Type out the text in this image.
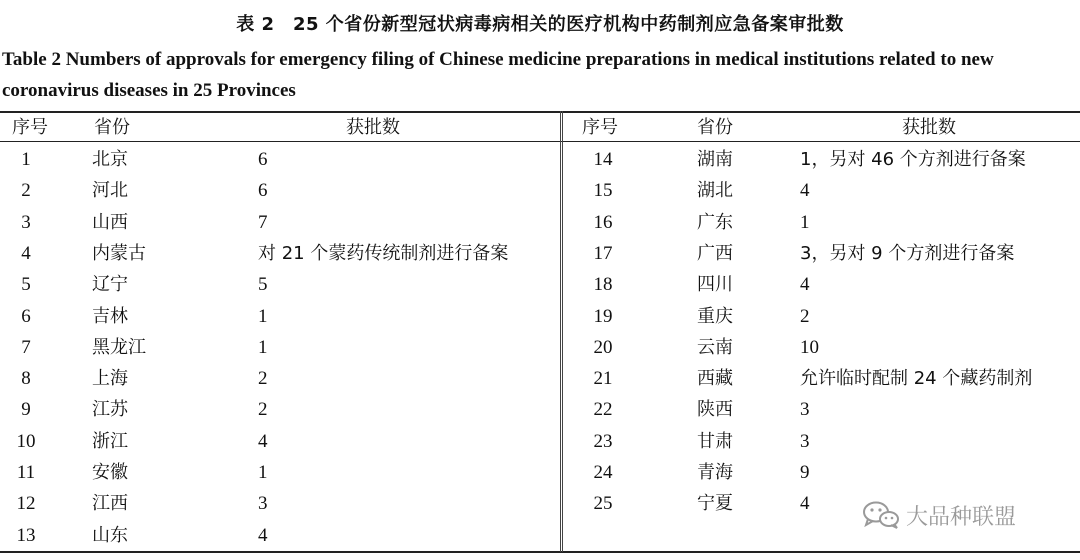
表 2　25 个省份新型冠状病毒病相关的医疗机构中药制剂应急备案审批数
Table 2 Numbers of approvals for emergency filing of Chinese medicine preparations in medical institutions related to new coronavirus diseases in 25 Provinces
序号	省份	获批数	序号	省份	获批数
1	北京	6
2	河北	6
3	山西	7
4	内蒙古	对 21 个蒙药传统制剂进行备案
5	辽宁	5
6	吉林	1
7	黑龙江	1
8	上海	2
9	江苏	2
10	浙江	4
11	安徽	1
12	江西	3
13	山东	4
14	湖南	1，另对 46 个方剂进行备案
15	湖北	4
16	广东	1
17	广西	3，另对 9 个方剂进行备案
18	四川	4
19	重庆	2
20	云南	10
21	西藏	允许临时配制 24 个藏药制剂
22	陕西	3
23	甘肃	3
24	青海	9
25	宁夏	4
大品种联盟
